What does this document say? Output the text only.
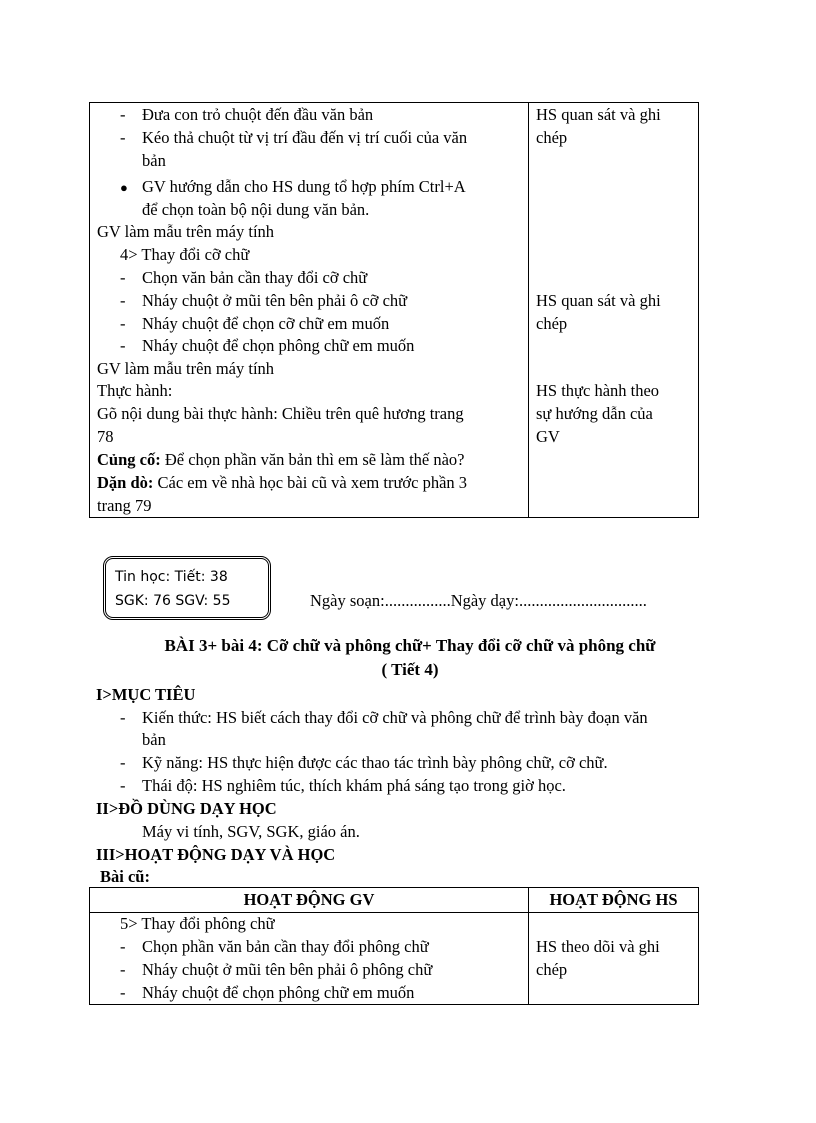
- Đưa con trỏ chuột đến đầu văn bản
- Kéo thả chuột từ vị trí đầu đến vị trí cuối của văn
bản
● GV hướng dẫn cho HS dung tổ hợp phím Ctrl+A
để chọn toàn bộ nội dung văn bản.
GV làm mẫu trên máy tính
4> Thay đổi cỡ chữ
- Chọn văn bản cần thay đổi cỡ chữ
- Nháy chuột ở mũi tên bên phải ô cỡ chữ
- Nháy chuột để chọn cỡ chữ em muốn
- Nháy chuột để chọn phông chữ em muốn
GV làm mẫu trên máy tính
Thực hành:
Gõ nội dung bài thực hành: Chiều trên quê hương trang
78
Củng cố: Để chọn phần văn bản thì em sẽ làm thế nào?
Dặn dò: Các em về nhà học bài cũ và xem trước phần 3
trang 79
HS quan sát và ghi
chép
HS quan sát và ghi
chép
HS thực hành theo
sự hướng dẫn của
GV
Tin học: Tiết: 38
SGK: 76 SGV: 55	Ngày soạn:................Ngày dạy:...............................
BÀI 3+ bài 4: Cỡ chữ và phông chữ+ Thay đổi cỡ chữ và phông chữ
( Tiết 4)
I>MỤC TIÊU
- Kiến thức: HS biết cách thay đổi cỡ chữ và phông chữ để trình bày đoạn văn
bản
- Kỹ năng: HS thực hiện được các thao tác trình bày phông chữ, cỡ chữ.
- Thái độ: HS nghiêm túc, thích khám phá sáng tạo trong giờ học.
II>ĐỒ DÙNG DẠY HỌC
Máy vi tính, SGV, SGK, giáo án.
III>HOẠT ĐỘNG DẠY VÀ HỌC
Bài cũ:
HOẠT ĐỘNG GV	HOẠT ĐỘNG HS
5> Thay đổi phông chữ
- Chọn phần văn bản cần thay đổi phông chữ
- Nháy chuột ở mũi tên bên phải ô phông chữ
- Nháy chuột để chọn phông chữ em muốn
HS theo dõi và ghi
chép
